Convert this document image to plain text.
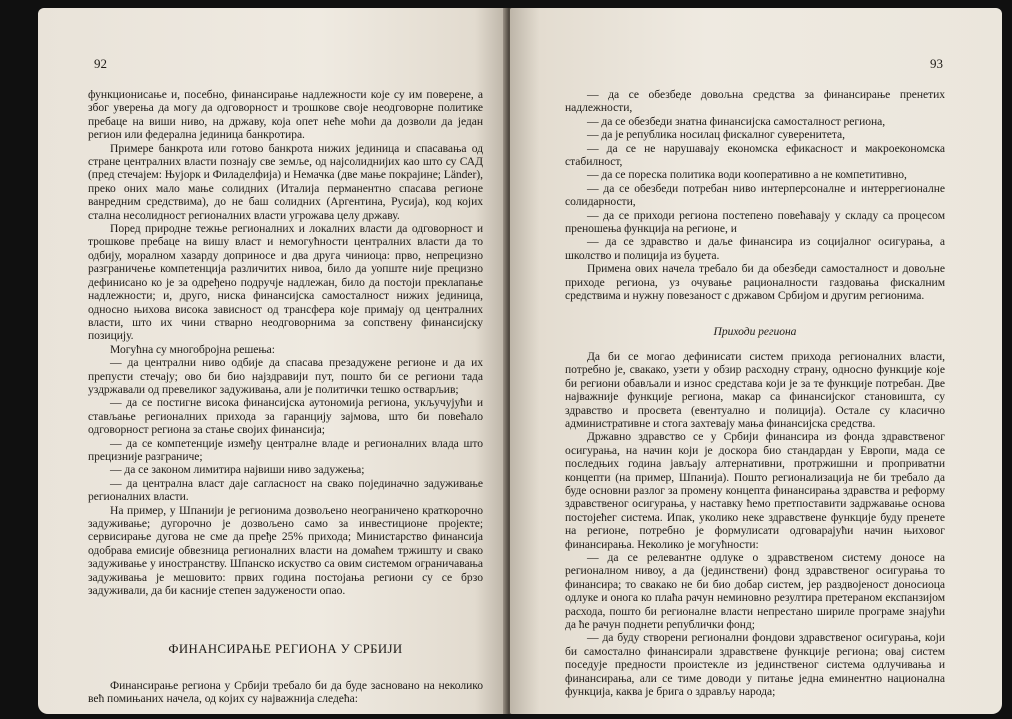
92

функционисање и, посебно, финансирање надлежности које су им поверене, а због уверења да могу да одговорност и трошкове своје неодговорне политике пребаце на виши ниво, на државу, која опет неће моћи да дозволи да један регион или федерална јединица банкротира.

Примере банкрота или готово банкрота нижих јединица и спасавања од стране централних власти познају све земље, од најсолиднијих као што су САД (пред стечајем: Њујорк и Филаделфија) и Немачка (две мање покрајине; Länder), преко оних мало мање солидних (Италија перманентно спасава регионе ванредним средствима), до не баш солидних (Аргентина, Русија), код којих стална несолидност регионалних власти угрожава целу државу.

Поред природне тежње регионалних и локалних власти да одговорност и трошкове пребаце на вишу власт и немогућности централних власти да то одбију, моралном хазарду доприносе и два друга чиниоца: прво, непрецизно разграничење компетенција различитих нивоа, било да уопште није прецизно дефинисано ко је за одређено подручје надлежан, било да постоји преклапање надлежности; и, друго, ниска финансијска самосталност нижих јединица, односно њихова висока зависност од трансфера које примају од централних власти, што их чини стварно неодговорнима за сопствену финансијску позицију.

Могућна су многобројна решења:

— да централни ниво одбије да спасава презадужене регионе и да их препусти стечају; ово би био најздравији пут, пошто би се региони тада уздржавали од превеликог задуживања, али је политички тешко остварљив;

— да се постигне висока финансијска аутономија региона, укључујући и стављање регионалних прихода за гаранцију зајмова, што би повећало одговорност региона за стање својих финансија;

— да се компетенције између централне владе и регионалних влада што прецизније разграниче;

— да се законом лимитира највиши ниво задужења;

— да централна власт даје сагласност на свако појединачно задуживање регионалних власти.

На пример, у Шпанији је регионима дозвољено неограничено краткорочно задуживање; дугорочно је дозвољено само за инвестиционе пројекте; сервисирање дугова не сме да пређе 25% прихода; Министарство финансија одобрава емисије обвезница регионалних власти на домаћем тржишту и свако задуживање у иностранству. Шпанско искуство са овим системом ограничавања задуживања је мешовито: првих година постојања региони су се брзо задуживали, да би касније степен задужености опао.

ФИНАНСИРАЊЕ РЕГИОНА У СРБИЈИ

Финансирање региона у Србији требало би да буде засновано на неколико већ помињаних начела, од којих су најважнија следећа:

93

— да се обезбеде довољна средства за финансирање пренетих надлежности,

— да се обезбеди знатна финансијска самосталност региона,

— да је република носилац фискалног суверенитета,

— да се не нарушавају економска ефикасност и макроекономска стабилност,

— да се пореска политика води кооперативно а не компетитивно,

— да се обезбеди потребан ниво интерперсоналне и интеррегионалне солидарности,

— да се приходи региона постепено повећавају у складу са процесом преношења функција на регионе, и

— да се здравство и даље финансира из социјалног осигурања, а школство и полиција из буџета.

Примена ових начела требало би да обезбеди самосталност и довољне приходе региона, уз очување рационалности газдовања фискалним средствима и нужну повезаност с државом Србијом и другим регионима.

Приходи региона

Да би се могао дефинисати систем прихода регионалних власти, потребно је, свакако, узети у обзир расходну страну, односно функције које би региони обављали и износ средстава који је за те функције потребан. Две најважније функције региона, макар са финансијског становишта, су здравство и просвета (евентуално и полиција). Остале су класично административне и стога захтевају мања финансијска средства.

Државно здравство се у Србији финансира из фонда здравственог осигурања, на начин који је доскора био стандардан у Европи, мада се последњих година јављају алтернативни, протржишни и проприватни концепти (на пример, Шпанија). Пошто регионализација не би требало да буде основни разлог за промену концепта финансирања здравства и реформу здравственог осигурања, у наставку ћемо претпоставити задржавање основа постојећег система. Ипак, уколико неке здравствене функције буду пренете на регионе, потребно је формулисати одговарајући начин њиховог финансирања. Неколико је могућности:

— да се релевантне одлуке о здравственом систему доносе на регионалном нивоу, а да (јединствени) фонд здравственог осигурања то финансира; то свакако не би био добар систем, јер раздвојеност доносиоца одлуке и онога ко плаћа рачун неминовно резултира претераном експанзијом расхода, пошто би регионалне власти непрестано шириле програме знајући да ће рачун поднети републички фонд;

— да буду створени регионални фондови здравственог осигурања, који би самостално финансирали здравствене функције региона; овај систем поседује предности проистекле из јединственог система одлучивања и финансирања, али се тиме доводи у питање једна еминентно национална функција, каква је брига о здрављу народа;
